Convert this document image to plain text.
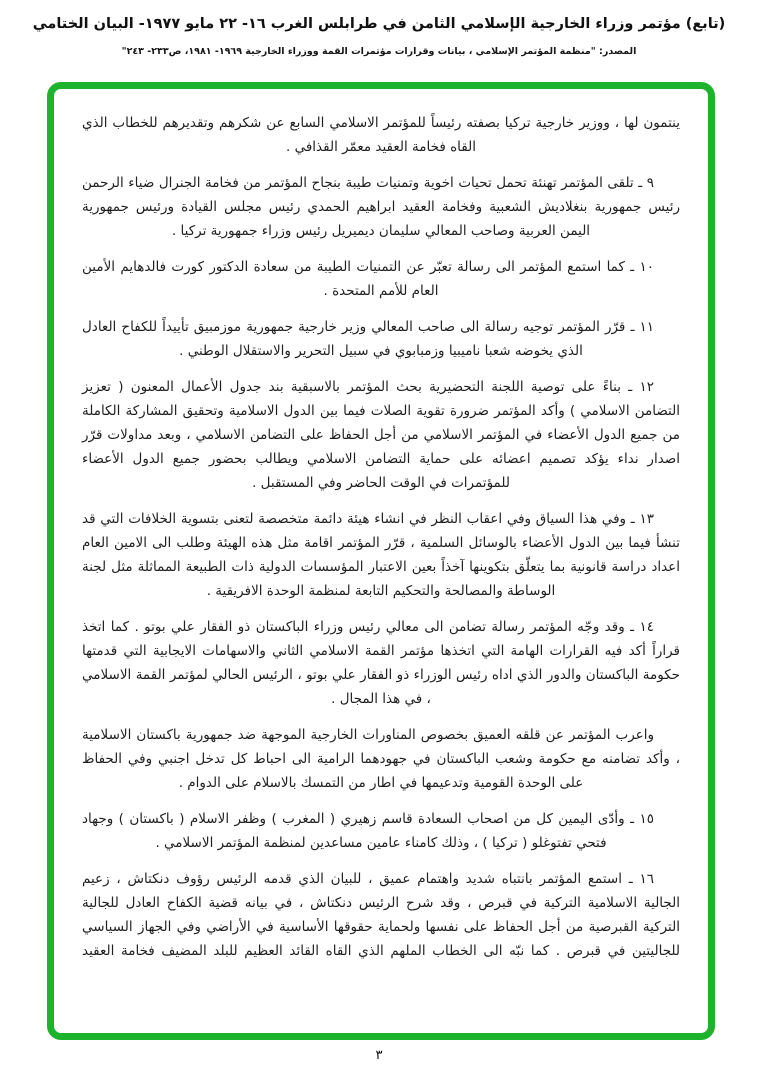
(تابع) مؤتمر وزراء الخارجية الإسلامي الثامن في طرابلس الغرب ١٦- ٢٢ مايو ١٩٧٧- البيان الختامي
المصدر: "منظمة المؤتمر الإسلامي ، بيانات وقرارات مؤتمرات القمة ووزراء الخارجية ١٩٦٩- ١٩٨١، ص٢٣٣- ٢٤٣"

ينتمون لها ، ووزير خارجية تركيا بصفته رئيساً للمؤتمر الاسلامي السابع عن شكرهم وتقديرهم للخطاب الذي القاه فخامة العقيد معمّر القذافي .

٩ ـ تلقى المؤتمر تهنئة تحمل تحيات اخوية وتمنيات طيبة بنجاح المؤتمر من فخامة الجنرال ضياء الرحمن رئيس جمهورية بنغلاديش الشعبية وفخامة العقيد ابراهيم الحمدي رئيس مجلس القيادة ورئيس جمهورية اليمن العربية وصاحب المعالي سليمان ديميريل رئيس وزراء جمهورية تركيا .

١٠ ـ كما استمع المؤتمر الى رسالة تعبّر عن التمنيات الطيبة من سعادة الدكتور كورت فالدهايم الأمين العام للأمم المتحدة .

١١ ـ قرّر المؤتمر توجيه رسالة الى صاحب المعالي وزير خارجية جمهورية موزمبيق تأييداً للكفاح العادل الذي يخوضه شعبا ناميبيا وزمبابوي في سبيل التحرير والاستقلال الوطني .

١٢ ـ بناءً على توصية اللجنة التحضيرية بحث المؤتمر بالاسبقية بند جدول الأعمال المعنون ( تعزيز التضامن الاسلامي ) وأكد المؤتمر ضرورة تقوية الصلات فيما بين الدول الاسلامية وتحقيق المشاركة الكاملة من جميع الدول الأعضاء في المؤتمر الاسلامي من أجل الحفاظ على التضامن الاسلامي ، وبعد مداولات قرّر اصدار نداء يؤكد تصميم اعضائه على حماية التضامن الاسلامي ويطالب بحضور جميع الدول الأعضاء للمؤتمرات في الوقت الحاضر وفي المستقبل .

١٣ ـ وفي هذا السياق وفي اعقاب النظر في انشاء هيئة دائمة متخصصة لتعنى بتسوية الخلافات التي قد تنشأ فيما بين الدول الأعضاء بالوسائل السلمية ، قرّر المؤتمر اقامة مثل هذه الهيئة وطلب الى الامين العام اعداد دراسة قانونية بما يتعلّق بتكوينها آخذاً بعين الاعتبار المؤسسات الدولية ذات الطبيعة المماثلة مثل لجنة الوساطة والمصالحة والتحكيم التابعة لمنظمة الوحدة الافريقية .

١٤ ـ وقد وجّه المؤتمر رسالة تضامن الى معالي رئيس وزراء الباكستان ذو الفقار علي بوتو . كما اتخذ قراراً أكد فيه القرارات الهامة التي اتخذها مؤتمر القمة الاسلامي الثاني والاسهامات الايجابية التي قدمتها حكومة الباكستان والدور الذي اداه رئيس الوزراء ذو الفقار علي بوتو ، الرئيس الحالي لمؤتمر القمة الاسلامي ، في هذا المجال .

واعرب المؤتمر عن قلقه العميق بخصوص المناورات الخارجية الموجهة ضد جمهورية باكستان الاسلامية ، وأكد تضامنه مع حكومة وشعب الباكستان في جهودهما الرامية الى احباط كل تدخل اجنبي وفي الحفاظ على الوحدة القومية وتدعيمها في اطار من التمسك بالاسلام على الدوام .

١٥ ـ وأدّى اليمين كل من اصحاب السعادة قاسم زهيري ( المغرب ) وظفر الاسلام ( باكستان ) وجهاد فتحي تفتوغلو ( تركيا ) ، وذلك كامناء عامين مساعدين لمنظمة المؤتمر الاسلامي .

١٦ ـ استمع المؤتمر بانتباه شديد واهتمام عميق ، للبيان الذي قدمه الرئيس رؤوف دنكتاش ، زعيم الجالية الاسلامية التركية في قبرص ، وقد شرح الرئيس دنكتاش ، في بيانه قضية الكفاح العادل للجالية التركية القبرصية من أجل الحفاظ على نفسها ولحماية حقوقها الأساسية في الأراضي وفي الجهاز السياسي للجاليتين في قبرص . كما نبّه الى الخطاب الملهم الذي القاه القائد العظيم للبلد المضيف فخامة العقيد

٣
